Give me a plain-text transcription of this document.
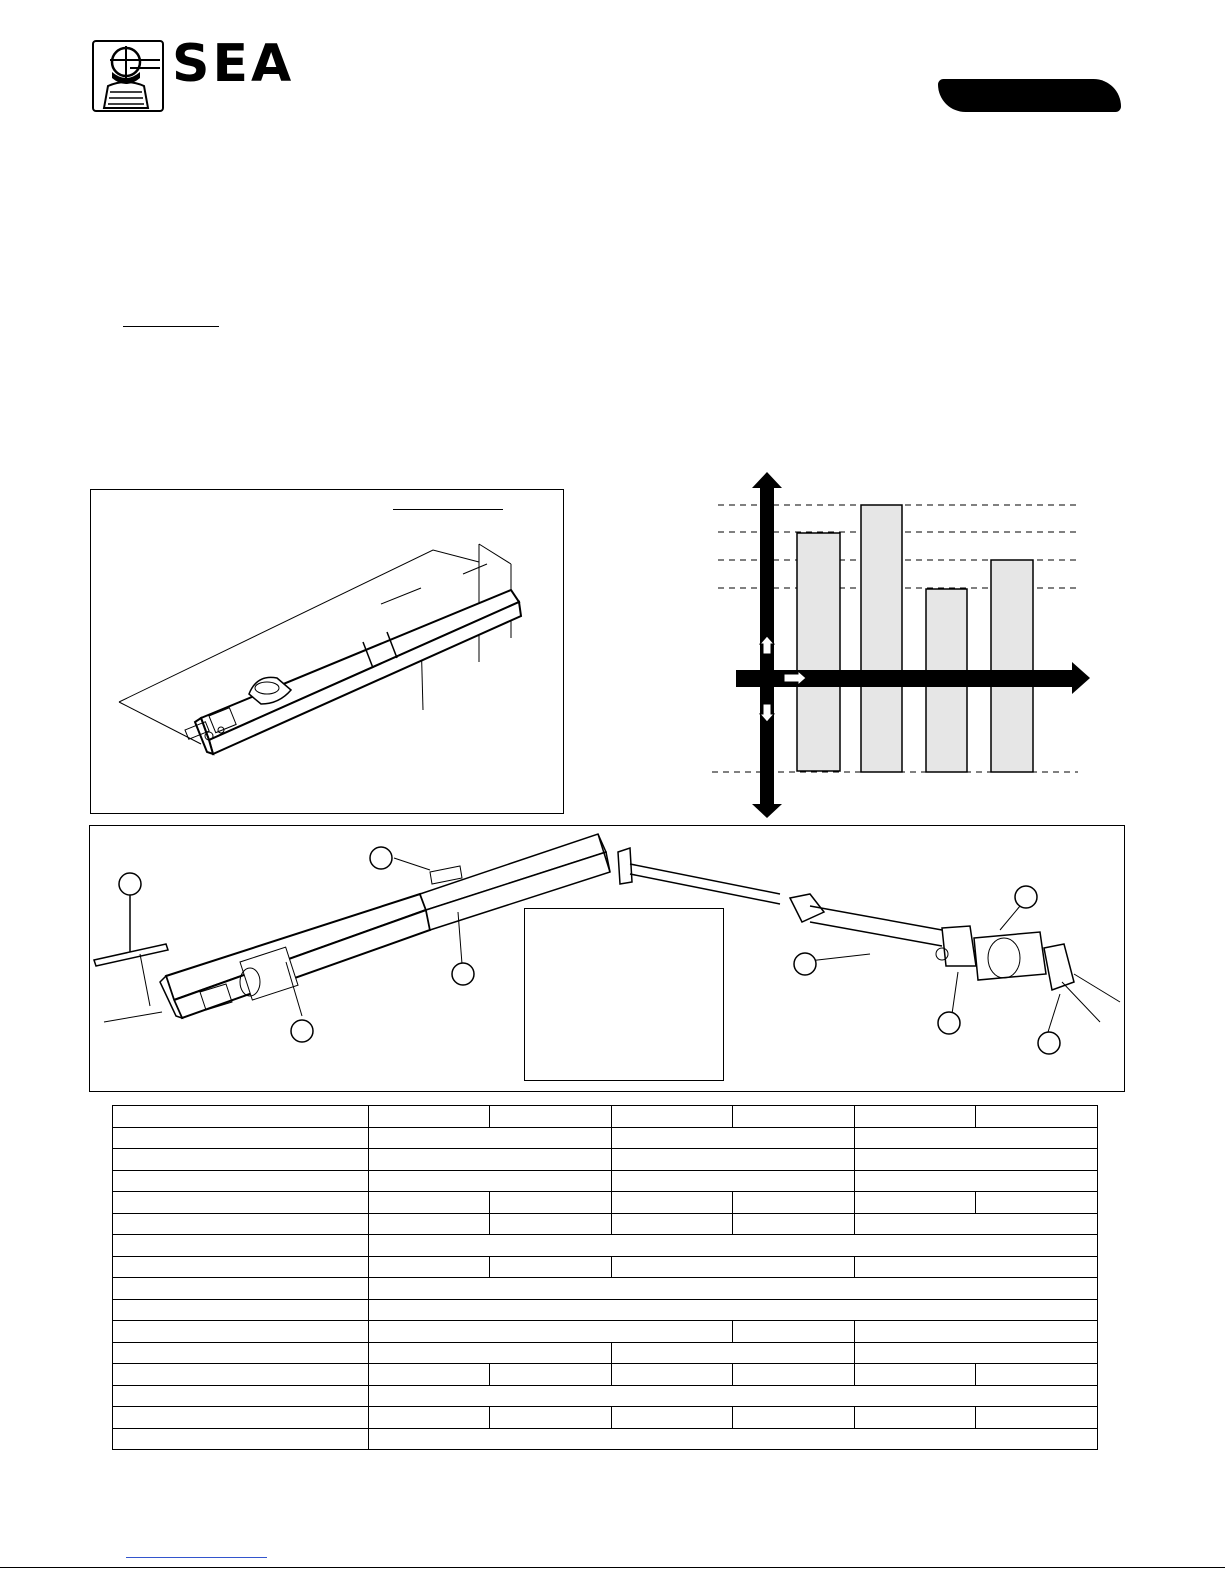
SEA
